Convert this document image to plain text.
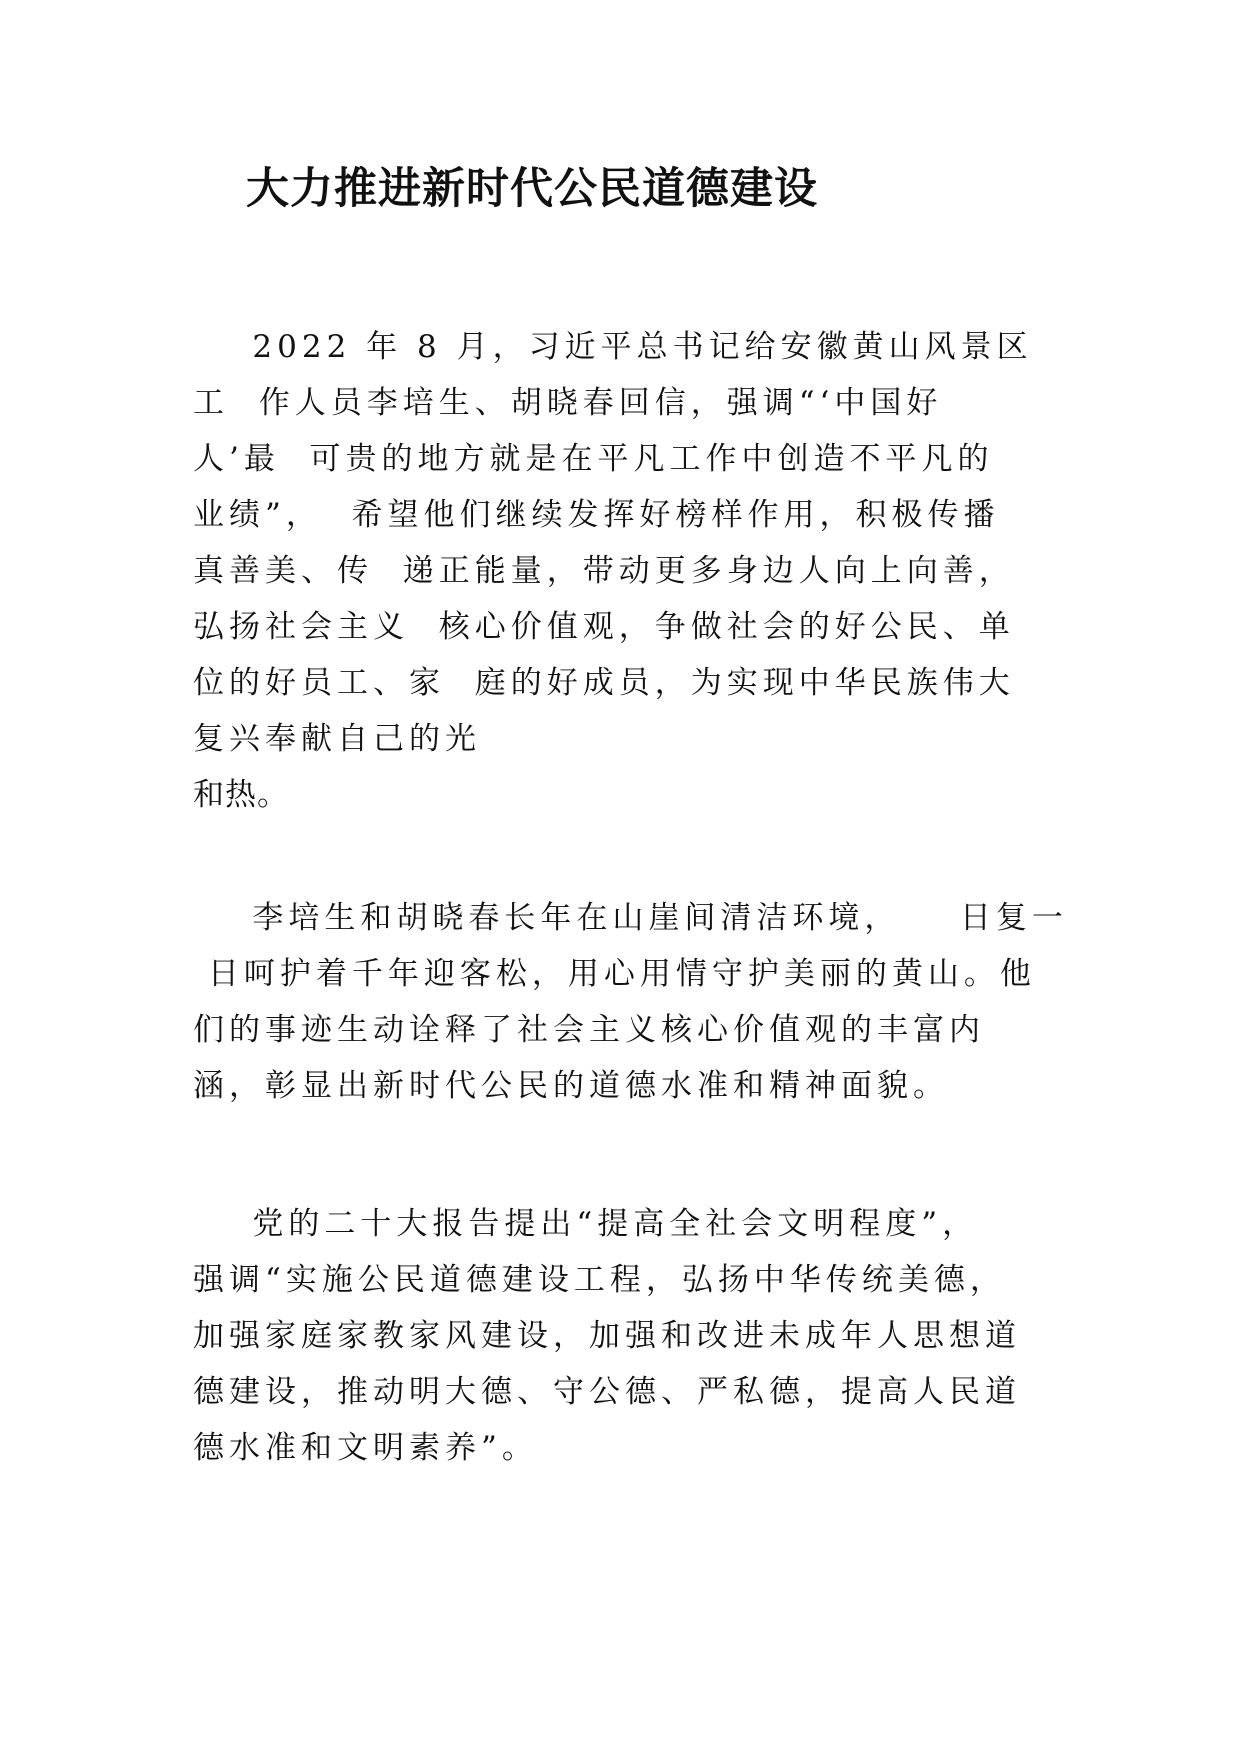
大力推进新时代公民道德建设
2022 年 8 月，习近平总书记给安徽黄山风景区
工  作人员李培生、胡晓春回信，强调“‘中国好
人’最  可贵的地方就是在平凡工作中创造不平凡的
业绩”，  希望他们继续发挥好榜样作用，积极传播
真善美、传  递正能量，带动更多身边人向上向善，
弘扬社会主义  核心价值观，争做社会的好公民、单
位的好员工、家  庭的好成员，为实现中华民族伟大
复兴奉献自己的光
和热。
李培生和胡晓春长年在山崖间清洁环境，    日复一
日呵护着千年迎客松，用心用情守护美丽的黄山。他
们的事迹生动诠释了社会主义核心价值观的丰富内
涵，彰显出新时代公民的道德水准和精神面貌。
党的二十大报告提出“提高全社会文明程度”，
强调“实施公民道德建设工程，弘扬中华传统美德，
加强家庭家教家风建设，加强和改进未成年人思想道
德建设，推动明大德、守公德、严私德，提高人民道
德水准和文明素养”。
